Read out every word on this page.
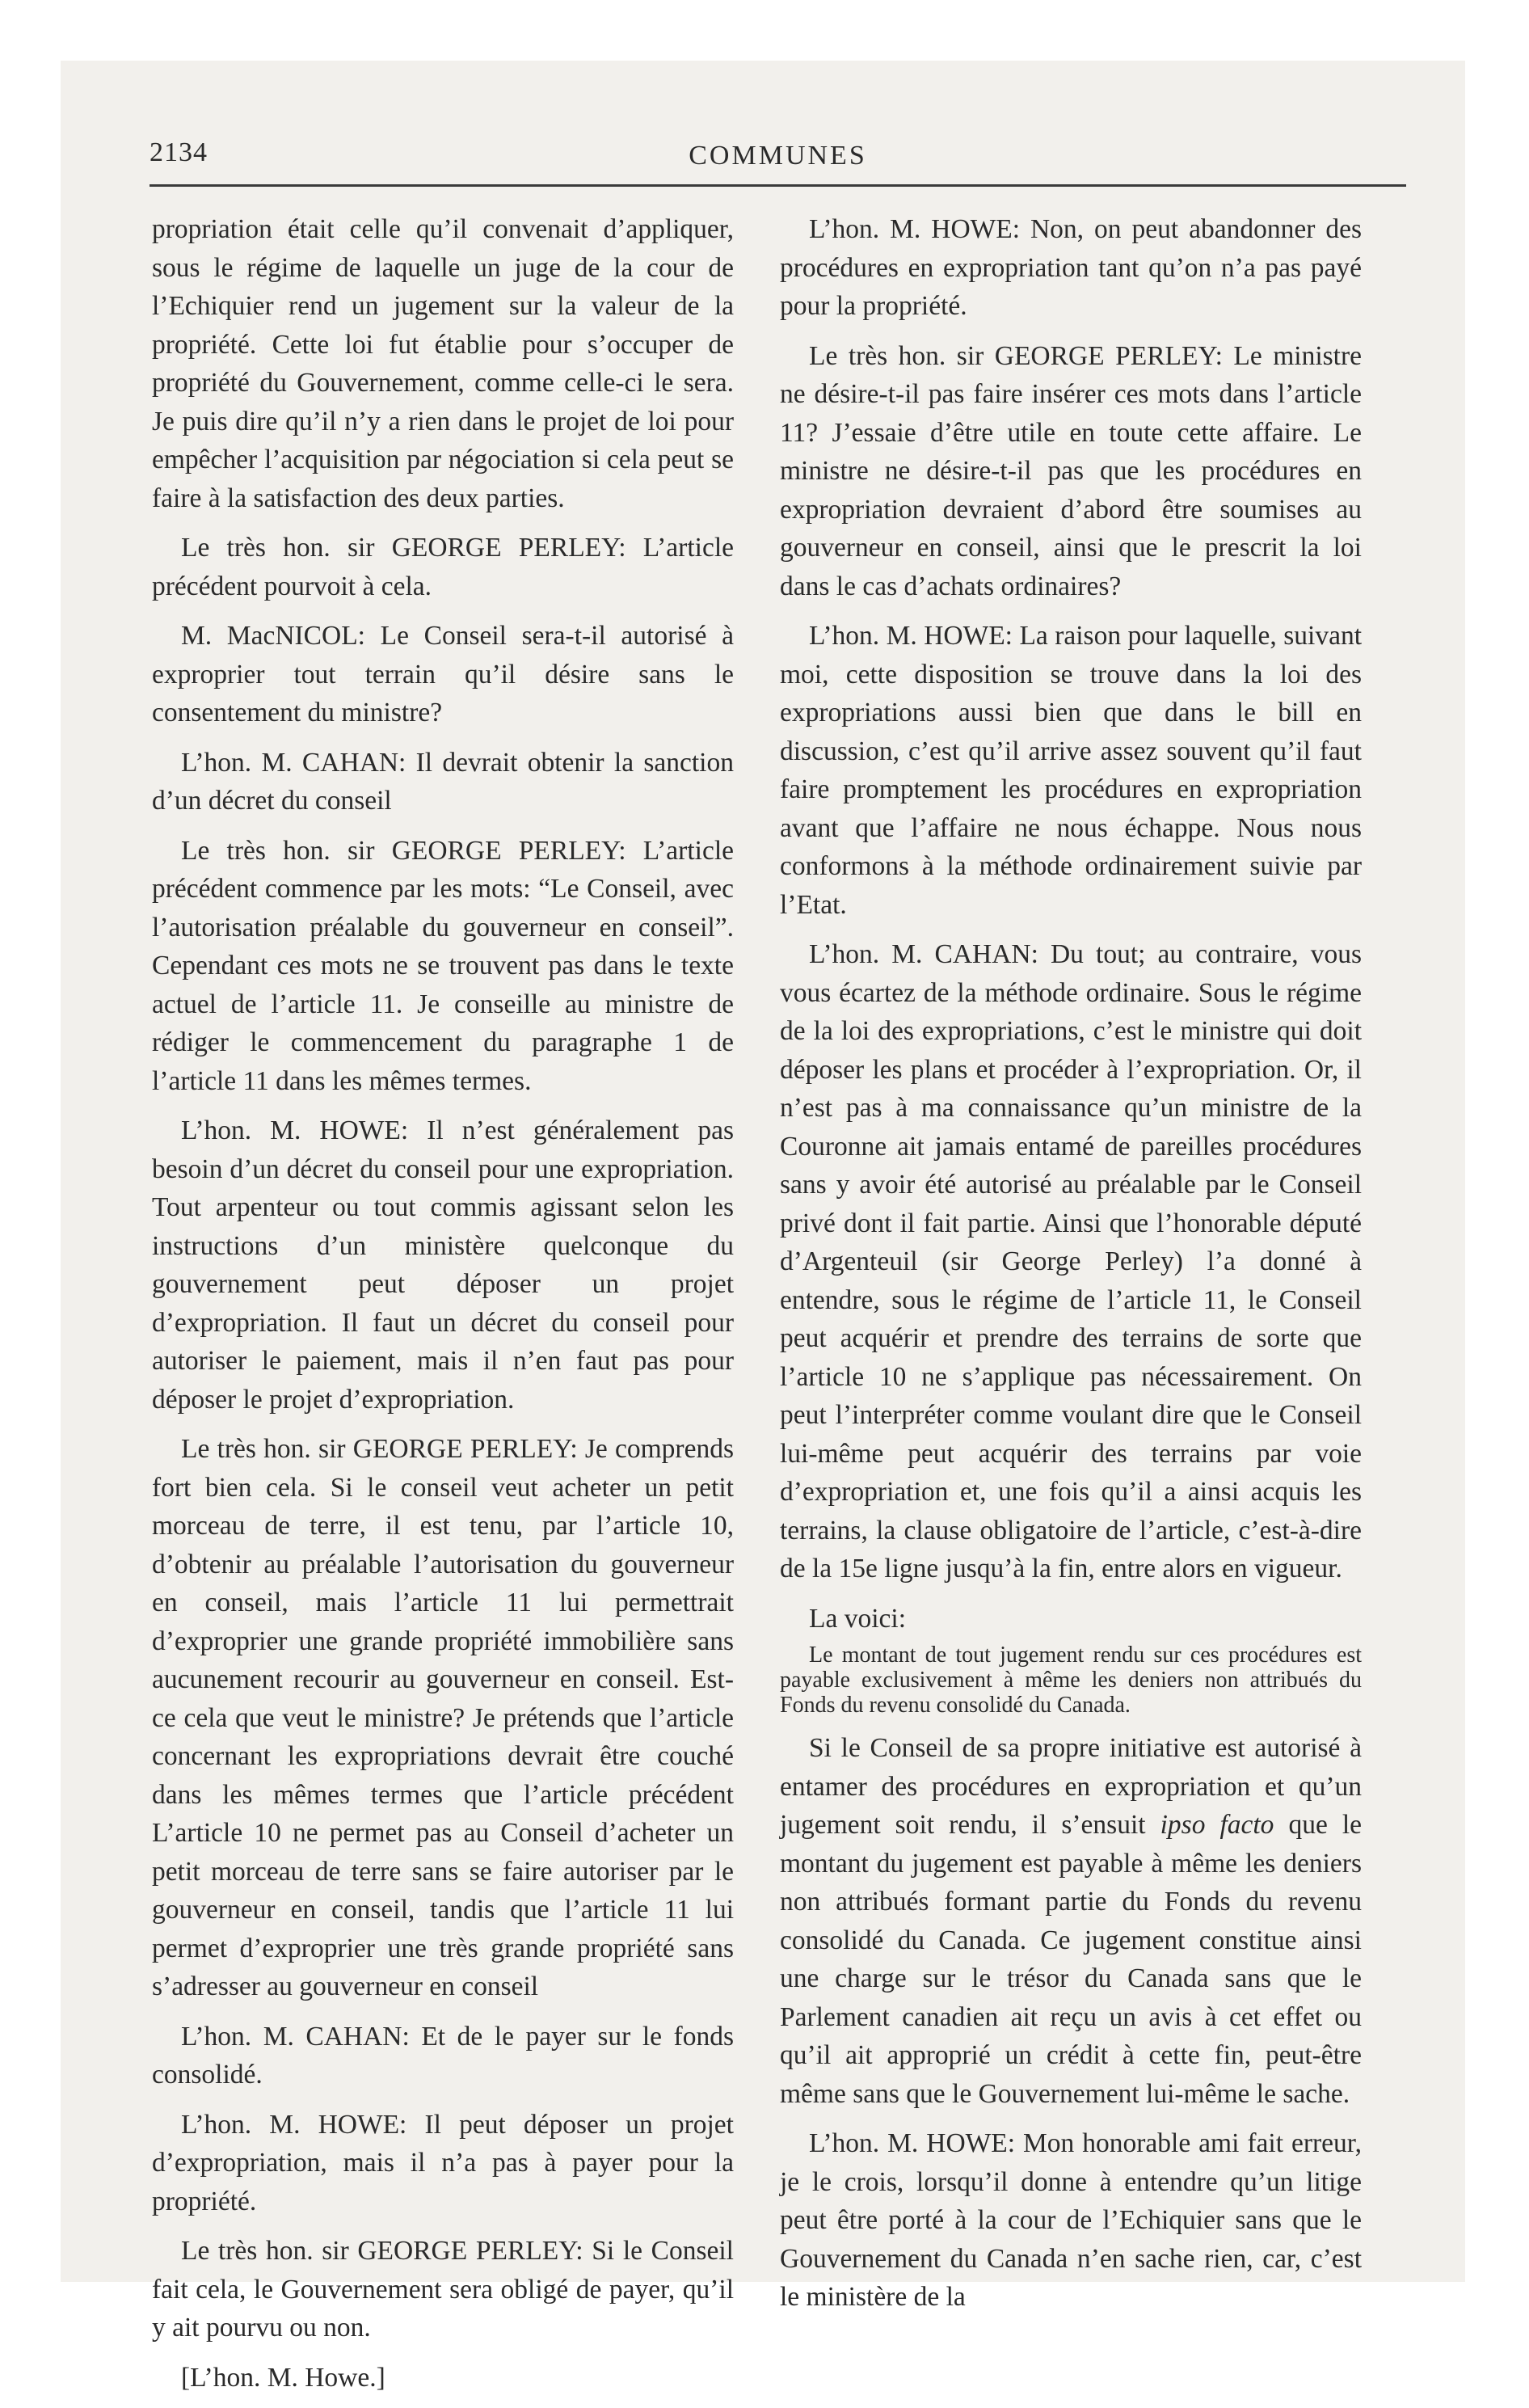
2134	COMMUNES

propriation était celle qu’il convenait d’appliquer, sous le régime de laquelle un juge de la cour de l’Echiquier rend un jugement sur la valeur de la propriété. Cette loi fut établie pour s’occuper de propriété du Gouvernement, comme celle-ci le sera. Je puis dire qu’il n’y a rien dans le projet de loi pour empêcher l’acquisition par négociation si cela peut se faire à la satisfaction des deux parties.

Le très hon. sir GEORGE PERLEY: L’article précédent pourvoit à cela.

M. MacNICOL: Le Conseil sera-t-il autorisé à exproprier tout terrain qu’il désire sans le consentement du ministre?

L’hon. M. CAHAN: Il devrait obtenir la sanction d’un décret du conseil

Le très hon. sir GEORGE PERLEY: L’article précédent commence par les mots: “Le Conseil, avec l’autorisation préalable du gouverneur en conseil”. Cependant ces mots ne se trouvent pas dans le texte actuel de l’article 11. Je conseille au ministre de rédiger le commencement du paragraphe 1 de l’article 11 dans les mêmes termes.

L’hon. M. HOWE: Il n’est généralement pas besoin d’un décret du conseil pour une expropriation. Tout arpenteur ou tout commis agissant selon les instructions d’un ministère quelconque du gouvernement peut déposer un projet d’expropriation. Il faut un décret du conseil pour autoriser le paiement, mais il n’en faut pas pour déposer le projet d’expropriation.

Le très hon. sir GEORGE PERLEY: Je comprends fort bien cela. Si le conseil veut acheter un petit morceau de terre, il est tenu, par l’article 10, d’obtenir au préalable l’autorisation du gouverneur en conseil, mais l’article 11 lui permettrait d’exproprier une grande propriété immobilière sans aucunement recourir au gouverneur en conseil. Est-ce cela que veut le ministre? Je prétends que l’article concernant les expropriations devrait être couché dans les mêmes termes que l’article précédent L’article 10 ne permet pas au Conseil d’acheter un petit morceau de terre sans se faire autoriser par le gouverneur en conseil, tandis que l’article 11 lui permet d’exproprier une très grande propriété sans s’adresser au gouverneur en conseil

L’hon. M. CAHAN: Et de le payer sur le fonds consolidé.

L’hon. M. HOWE: Il peut déposer un projet d’expropriation, mais il n’a pas à payer pour la propriété.

Le très hon. sir GEORGE PERLEY: Si le Conseil fait cela, le Gouvernement sera obligé de payer, qu’il y ait pourvu ou non.

[L’hon. M. Howe.]

L’hon. M. HOWE: Non, on peut abandonner des procédures en expropriation tant qu’on n’a pas payé pour la propriété.

Le très hon. sir GEORGE PERLEY: Le ministre ne désire-t-il pas faire insérer ces mots dans l’article 11? J’essaie d’être utile en toute cette affaire. Le ministre ne désire-t-il pas que les procédures en expropriation devraient d’abord être soumises au gouverneur en conseil, ainsi que le prescrit la loi dans le cas d’achats ordinaires?

L’hon. M. HOWE: La raison pour laquelle, suivant moi, cette disposition se trouve dans la loi des expropriations aussi bien que dans le bill en discussion, c’est qu’il arrive assez souvent qu’il faut faire promptement les procédures en expropriation avant que l’affaire ne nous échappe. Nous nous conformons à la méthode ordinairement suivie par l’Etat.

L’hon. M. CAHAN: Du tout; au contraire, vous vous écartez de la méthode ordinaire. Sous le régime de la loi des expropriations, c’est le ministre qui doit déposer les plans et procéder à l’expropriation. Or, il n’est pas à ma connaissance qu’un ministre de la Couronne ait jamais entamé de pareilles procédures sans y avoir été autorisé au préalable par le Conseil privé dont il fait partie. Ainsi que l’honorable député d’Argenteuil (sir George Perley) l’a donné à entendre, sous le régime de l’article 11, le Conseil peut acquérir et prendre des terrains de sorte que l’article 10 ne s’applique pas nécessairement. On peut l’interpréter comme voulant dire que le Conseil lui-même peut acquérir des terrains par voie d’expropriation et, une fois qu’il a ainsi acquis les terrains, la clause obligatoire de l’article, c’est-à-dire de la 15e ligne jusqu’à la fin, entre alors en vigueur.

La voici:

Le montant de tout jugement rendu sur ces procédures est payable exclusivement à même les deniers non attribués du Fonds du revenu consolidé du Canada.

Si le Conseil de sa propre initiative est autorisé à entamer des procédures en expropriation et qu’un jugement soit rendu, il s’ensuit ipso facto que le montant du jugement est payable à même les deniers non attribués formant partie du Fonds du revenu consolidé du Canada. Ce jugement constitue ainsi une charge sur le trésor du Canada sans que le Parlement canadien ait reçu un avis à cet effet ou qu’il ait approprié un crédit à cette fin, peut-être même sans que le Gouvernement lui-même le sache.

L’hon. M. HOWE: Mon honorable ami fait erreur, je le crois, lorsqu’il donne à entendre qu’un litige peut être porté à la cour de l’Echiquier sans que le Gouvernement du Canada n’en sache rien, car, c’est le ministère de la
